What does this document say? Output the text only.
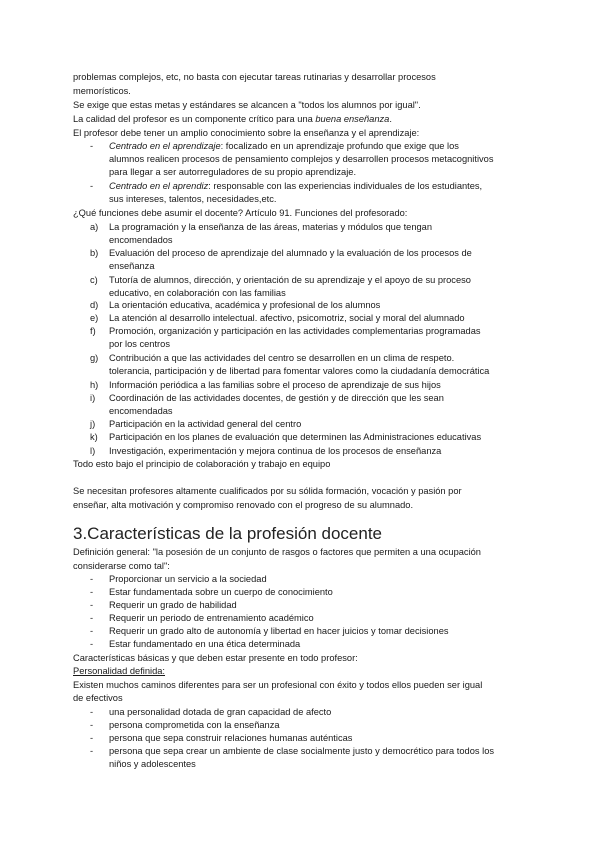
problemas complejos, etc, no basta con ejecutar tareas rutinarias y desarrollar procesos
memorísticos.
Se exige que estas metas y estándares se alcancen a "todos los alumnos por igual".
La calidad del profesor es un componente crítico para una buena enseñanza.
El profesor debe tener un amplio conocimiento sobre la enseñanza y el aprendizaje:
- Centrado en el aprendizaje: focalizado en un aprendizaje profundo que exige que los
alumnos realicen procesos de pensamiento complejos y desarrollen procesos metacognitivos
para llegar a ser autorreguladores de su propio aprendizaje.
- Centrado en el aprendiz: responsable con las experiencias individuales de los estudiantes,
sus intereses, talentos, necesidades,etc.
¿Qué funciones debe asumir el docente? Artículo 91. Funciones del profesorado:
a) La programación y la enseñanza de las áreas, materias y módulos que tengan
encomendados
b) Evaluación del proceso de aprendizaje del alumnado y la evaluación de los procesos de
enseñanza
c) Tutoría de alumnos, dirección, y orientación de su aprendizaje y el apoyo de su proceso
educativo, en colaboración con las familias
d) La orientación educativa, académica y profesional de los alumnos
e) La atención al desarrollo intelectual. afectivo, psicomotriz, social y moral del alumnado
f) Promoción, organización y participación en las actividades complementarias programadas
por los centros
g) Contribución a que las actividades del centro se desarrollen en un clima de respeto.
tolerancia, participación y de libertad para fomentar valores como la ciudadanía democrática
h) Información periódica a las familias sobre el proceso de aprendizaje de sus hijos
i) Coordinación de las actividades docentes, de gestión y de dirección que les sean
encomendadas
j) Participación en la actividad general del centro
k) Participación en los planes de evaluación que determinen las Administraciones educativas
l) Investigación, experimentación y mejora continua de los procesos de enseñanza
Todo esto bajo el principio de colaboración y trabajo en equipo
Se necesitan profesores altamente cualificados por su sólida formación, vocación y pasión por
enseñar, alta motivación y compromiso renovado con el progreso de su alumnado.
3.Características de la profesión docente
Definición general: "la posesión de un conjunto de rasgos o factores que permiten a una ocupación
considerarse como tal":
- Proporcionar un servicio a la sociedad
- Estar fundamentada sobre un cuerpo de conocimiento
- Requerir un grado de habilidad
- Requerir un periodo de entrenamiento académico
- Requerir un grado alto de autonomía y libertad en hacer juicios y tomar decisiones
- Estar fundamentado en una ética determinada
Características básicas y que deben estar presente en todo profesor:
Personalidad definida:
Existen muchos caminos diferentes para ser un profesional con éxito y todos ellos pueden ser igual
de efectivos
- una personalidad dotada de gran capacidad de afecto
- persona comprometida con la enseñanza
- persona que sepa construir relaciones humanas auténticas
- persona que sepa crear un ambiente de clase socialmente justo y democrético para todos los
niños y adolescentes
